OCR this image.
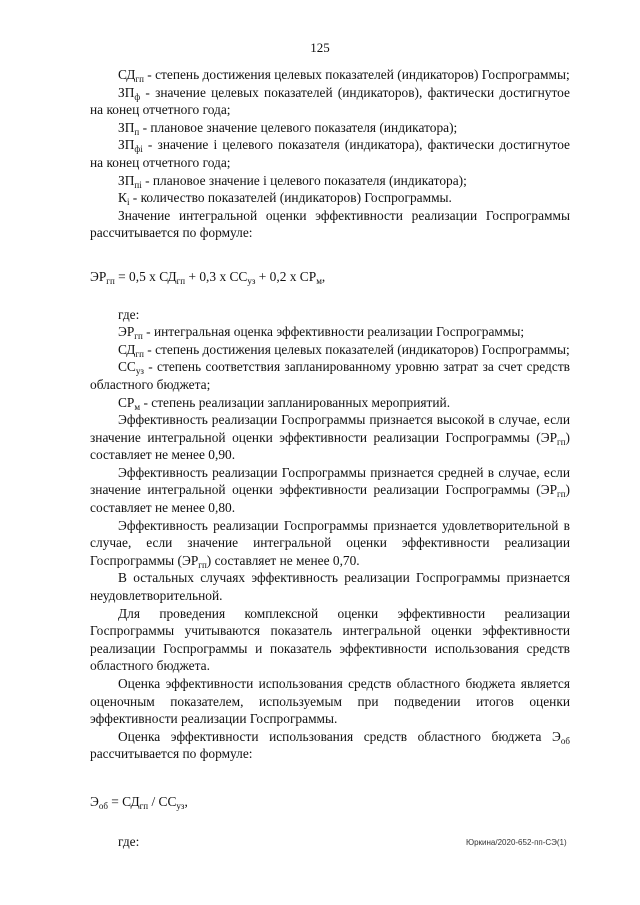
125

$СД_{гп}$ - степень достижения целевых показателей (индикаторов) Госпрограммы;

$ЗП_ф$ - значение целевых показателей (индикаторов), фактически достигнутое на конец отчетного года;

$ЗП_п$ - плановое значение целевого показателя (индикатора);

$ЗП_{фi}$ - значение i целевого показателя (индикатора), фактически достигнутое на конец отчетного года;

$ЗП_{пi}$ - плановое значение i целевого показателя (индикатора);

$К_i$ - количество показателей (индикаторов) Госпрограммы.

Значение интегральной оценки эффективности реализации Госпрограммы рассчитывается по формуле:

$ЭР_{гп} = 0,5$ х $СД_{гп} + 0,3$ х $СС_{уз} + 0,2$ х $СР_м$,

где:

$ЭР_{гп}$ - интегральная оценка эффективности реализации Госпрограммы;

$СД_{гп}$ - степень достижения целевых показателей (индикаторов) Госпрограммы;

$СС_{уз}$ - степень соответствия запланированному уровню затрат за счет средств областного бюджета;

$СР_м$ - степень реализации запланированных мероприятий.

Эффективность реализации Госпрограммы признается высокой в случае, если значение интегральной оценки эффективности реализации Госпрограммы $(ЭР_{гп})$ составляет не менее 0,90.

Эффективность реализации Госпрограммы признается средней в случае, если значение интегральной оценки эффективности реализации Госпрограммы $(ЭР_{гп})$ составляет не менее 0,80.

Эффективность реализации Госпрограммы признается удовлетворительной в случае, если значение интегральной оценки эффективности реализации Госпрограммы $(ЭР_{гп})$ составляет не менее 0,70.

В остальных случаях эффективность реализации Госпрограммы признается неудовлетворительной.

Для проведения комплексной оценки эффективности реализации Госпрограммы учитываются показатель интегральной оценки эффективности реализации Госпрограммы и показатель эффективности использования средств областного бюджета.

Оценка эффективности использования средств областного бюджета является оценочным показателем, используемым при подведении итогов оценки эффективности реализации Госпрограммы.

Оценка эффективности использования средств областного бюджета $Э_{об}$ рассчитывается по формуле:

$Э_{об} = СД_{гп} / СС_{уз}$,

где:	Юркина/2020-652-пп-СЭ(1)
